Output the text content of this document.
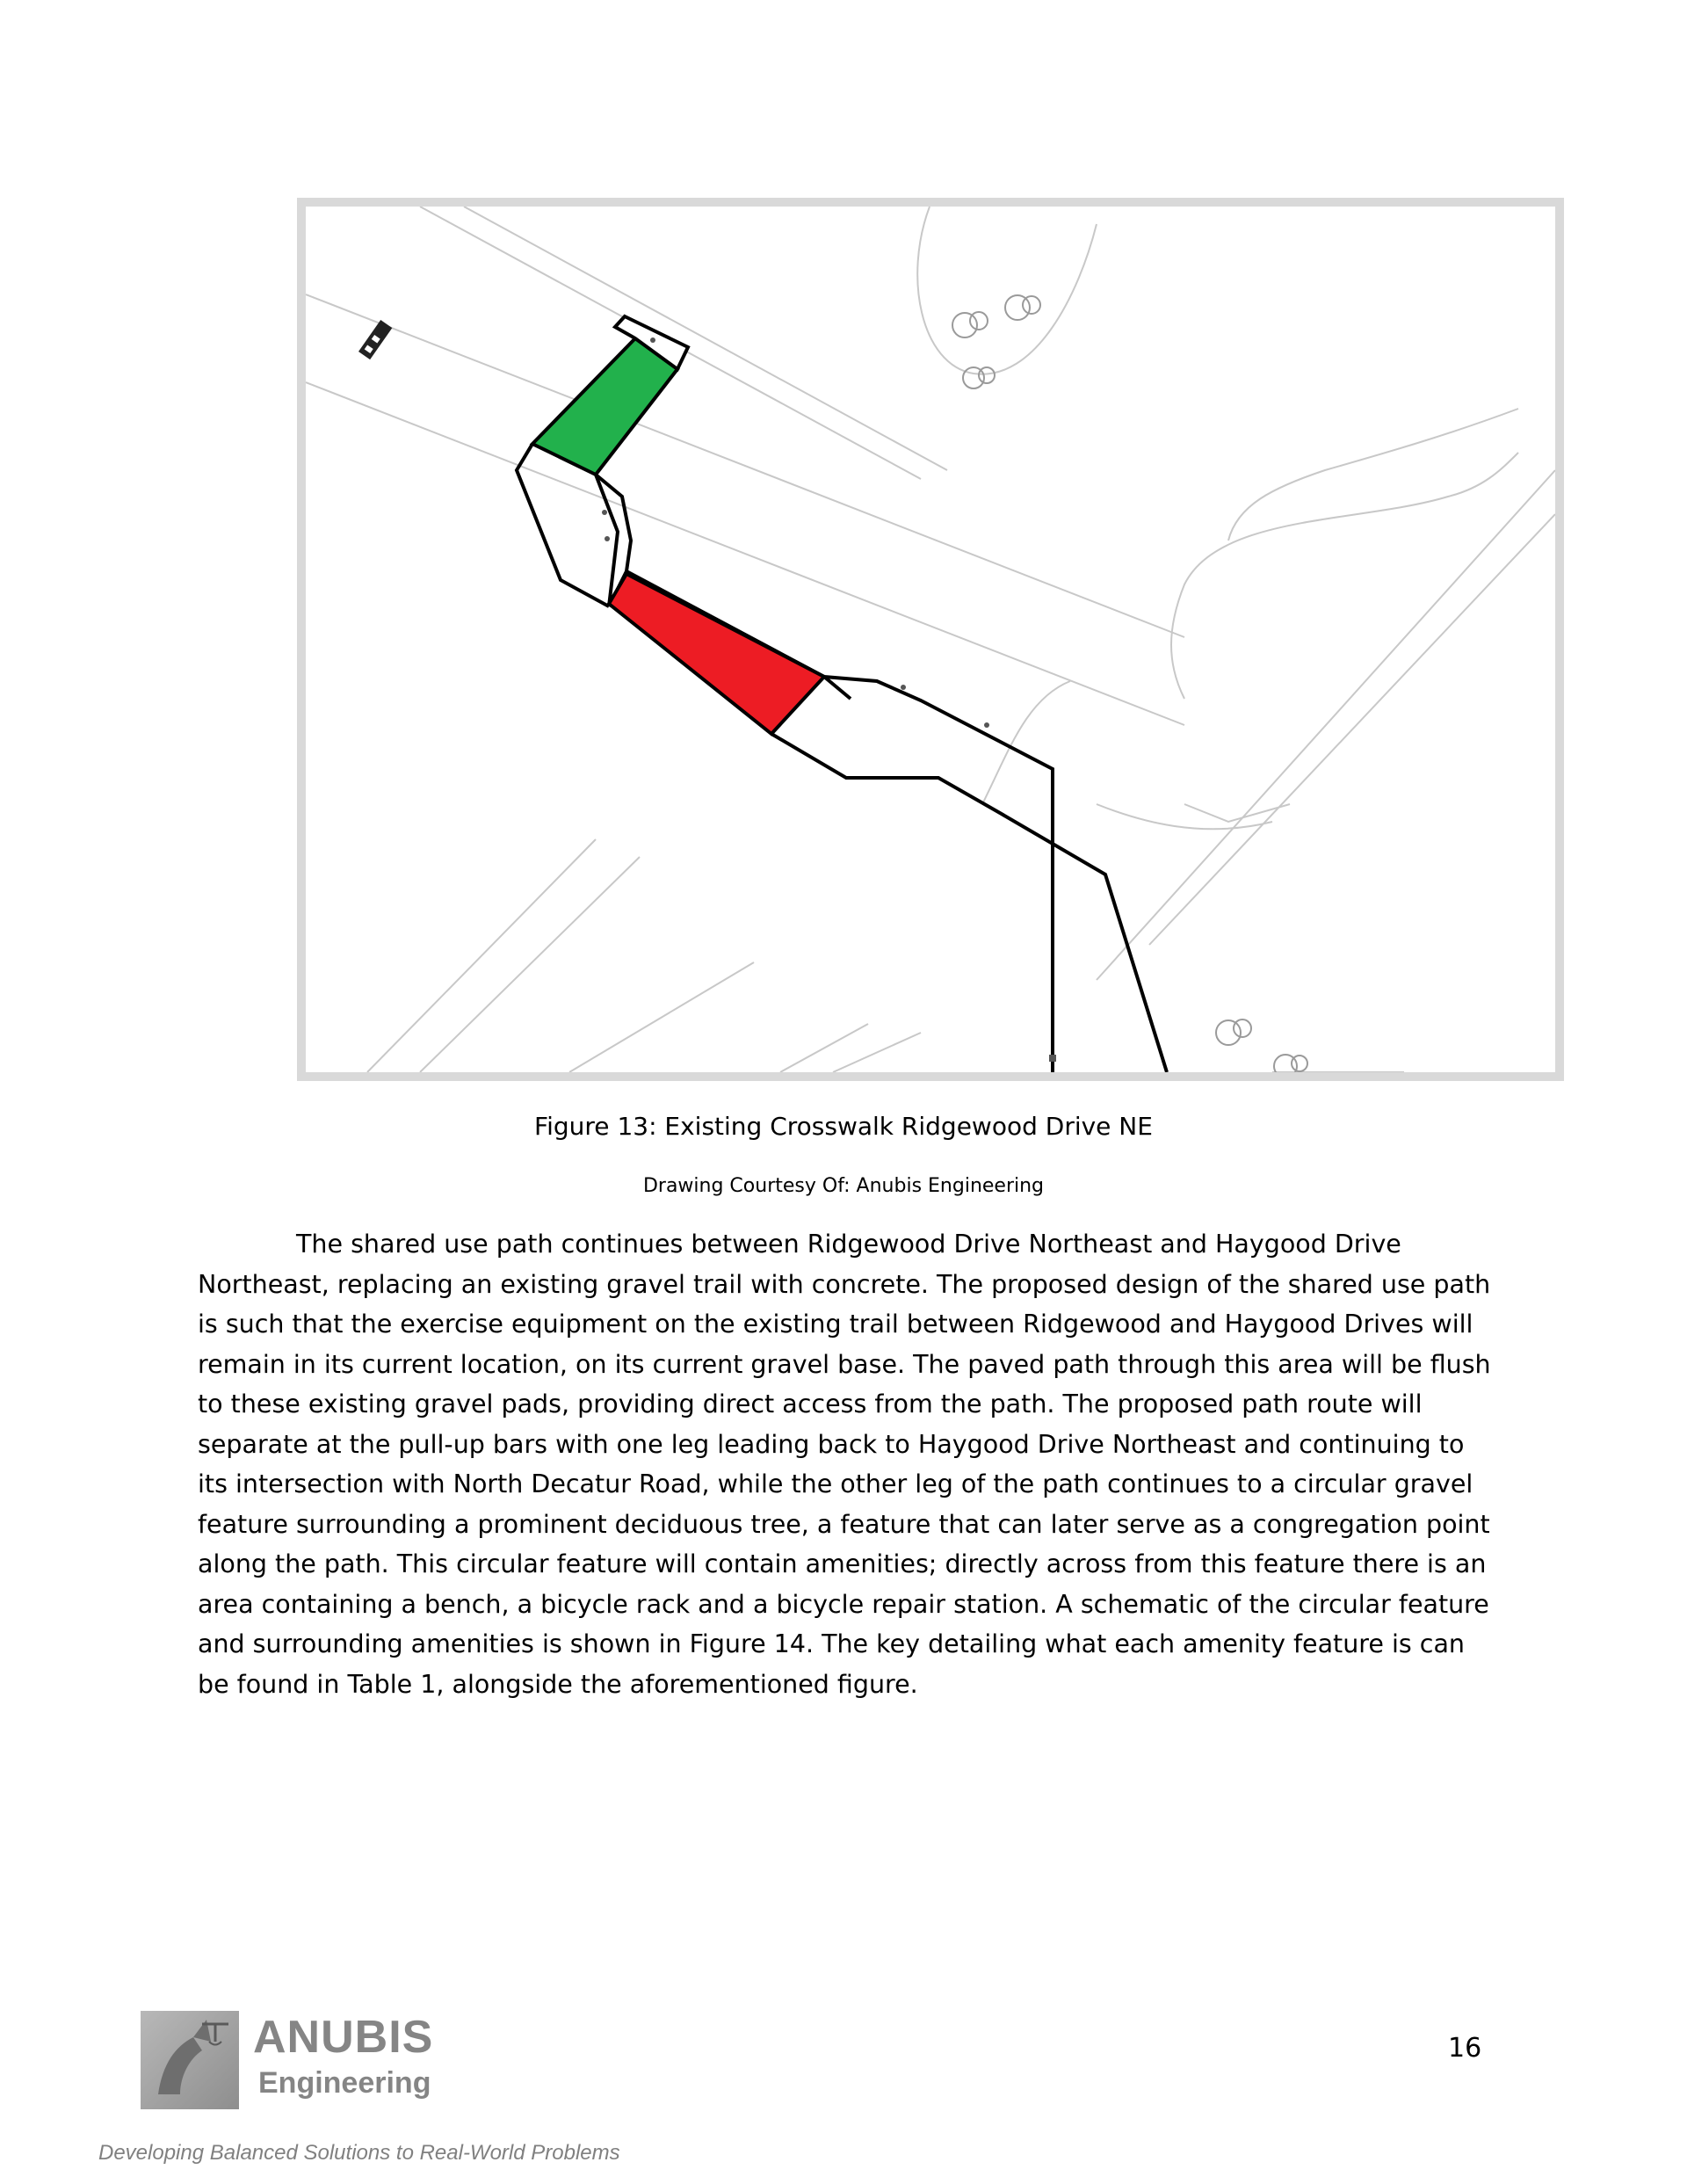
Figure 13: Existing Crosswalk Ridgewood Drive NE
Drawing Courtesy Of: Anubis Engineering

The shared use path continues between Ridgewood Drive Northeast and Haygood Drive Northeast, replacing an existing gravel trail with concrete. The proposed design of the shared use path is such that the exercise equipment on the existing trail between Ridgewood and Haygood Drives will remain in its current location, on its current gravel base. The paved path through this area will be flush to these existing gravel pads, providing direct access from the path. The proposed path route will separate at the pull-up bars with one leg leading back to Haygood Drive Northeast and continuing to its intersection with North Decatur Road, while the other leg of the path continues to a circular gravel feature surrounding a prominent deciduous tree, a feature that can later serve as a congregation point along the path. This circular feature will contain amenities; directly across from this feature there is an area containing a bench, a bicycle rack and a bicycle repair station. A schematic of the circular feature and surrounding amenities is shown in Figure 14. The key detailing what each amenity feature is can be found in Table 1, alongside the aforementioned figure.

16
ANUBIS
Engineering
Developing Balanced Solutions to Real-World Problems
